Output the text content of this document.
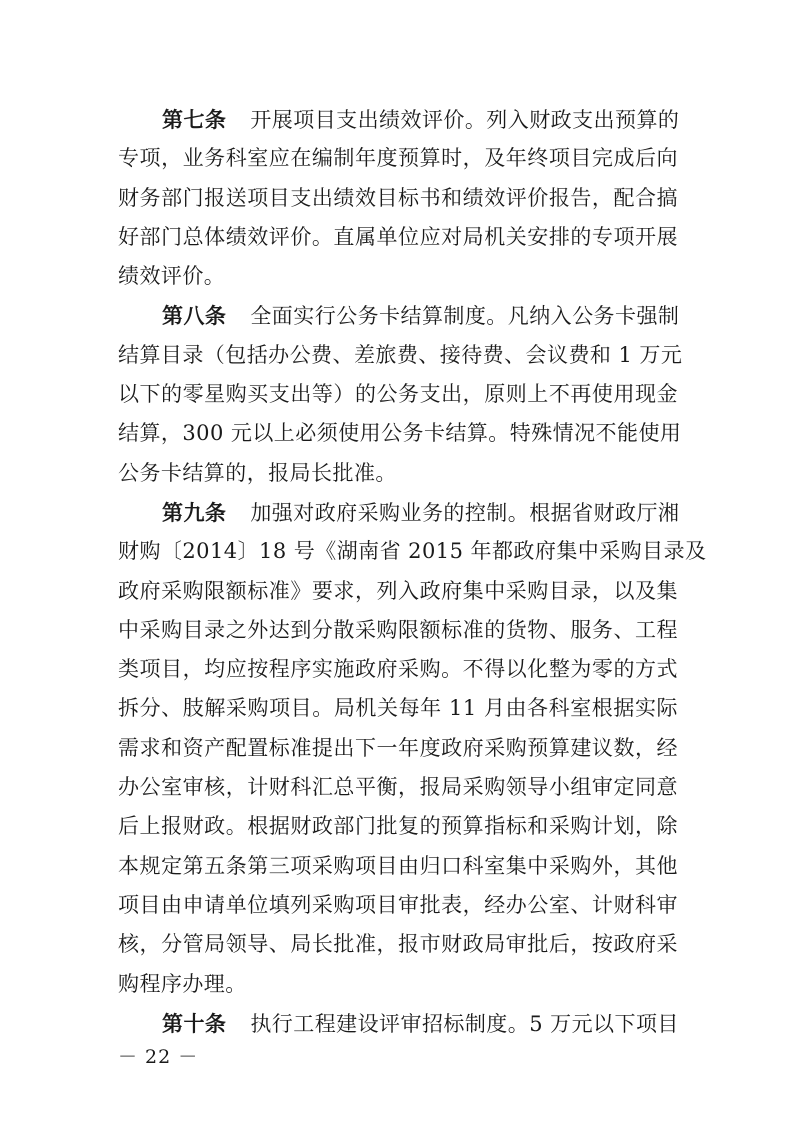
第七条 开展项目支出绩效评价。列入财政支出预算的
专项，业务科室应在编制年度预算时，及年终项目完成后向
财务部门报送项目支出绩效目标书和绩效评价报告，配合搞
好部门总体绩效评价。直属单位应对局机关安排的专项开展
绩效评价。
第八条 全面实行公务卡结算制度。凡纳入公务卡强制
结算目录（包括办公费、差旅费、接待费、会议费和 1 万元
以下的零星购买支出等）的公务支出，原则上不再使用现金
结算，300 元以上必须使用公务卡结算。特殊情况不能使用
公务卡结算的，报局长批准。
第九条 加强对政府采购业务的控制。根据省财政厅湘
财购〔2014〕18 号《湖南省 2015 年都政府集中采购目录及
政府采购限额标准》要求，列入政府集中采购目录，以及集
中采购目录之外达到分散采购限额标准的货物、服务、工程
类项目，均应按程序实施政府采购。不得以化整为零的方式
拆分、肢解采购项目。局机关每年 11 月由各科室根据实际
需求和资产配置标准提出下一年度政府采购预算建议数，经
办公室审核，计财科汇总平衡，报局采购领导小组审定同意
后上报财政。根据财政部门批复的预算指标和采购计划，除
本规定第五条第三项采购项目由归口科室集中采购外，其他
项目由申请单位填列采购项目审批表，经办公室、计财科审
核，分管局领导、局长批准，报市财政局审批后，按政府采
购程序办理。
第十条 执行工程建设评审招标制度。5 万元以下项目
－ 22 －
